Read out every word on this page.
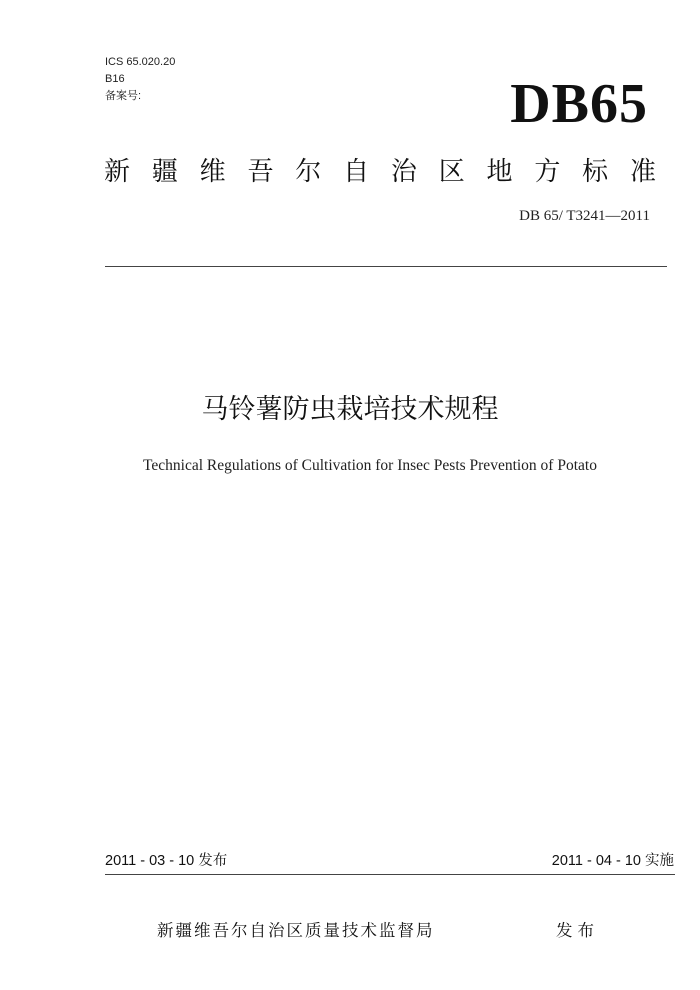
ICS 65.020.20
B16
备案号:	DB65
新疆维吾尔自治区地方标准
DB 65/ T3241—2011
马铃薯防虫栽培技术规程
Technical Regulations of Cultivation for Insec Pests Prevention of Potato
2011 - 03 - 10 发布	2011 - 04 - 10 实施
新疆维吾尔自治区质量技术监督局	发布
